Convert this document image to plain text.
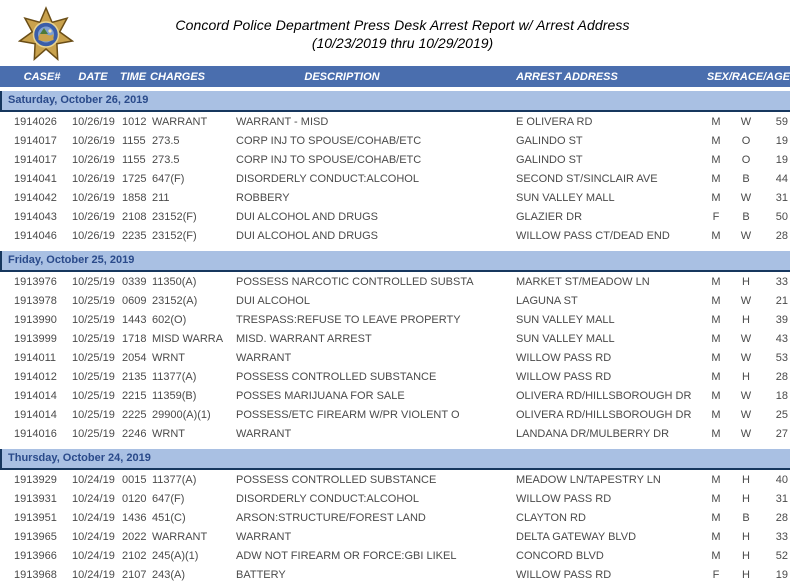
Concord Police Department Press Desk Arrest Report w/ Arrest Address
(10/23/2019 thru 10/29/2019)
CASE#	DATE	TIME CHARGES	DESCRIPTION	ARREST ADDRESS	SEX/RACE/AGE
Saturday, October 26, 2019
1914026	10/26/19 1012 WARRANT	WARRANT - MISD	E OLIVERA RD	M	W	59
1914017	10/26/19 1155 273.5	CORP INJ TO SPOUSE/COHAB/ETC	GALINDO ST	M	O	19
1914017	10/26/19 1155 273.5	CORP INJ TO SPOUSE/COHAB/ETC	GALINDO ST	M	O	19
1914041	10/26/19 1725 647(F)	DISORDERLY CONDUCT:ALCOHOL	SECOND ST/SINCLAIR AVE	M	B	44
1914042	10/26/19 1858 211	ROBBERY	SUN VALLEY MALL	M	W	31
1914043	10/26/19 2108 23152(F)	DUI ALCOHOL AND DRUGS	GLAZIER DR	F	B	50
1914046	10/26/19 2235 23152(F)	DUI ALCOHOL AND DRUGS	WILLOW PASS CT/DEAD END	M	W	28
Friday, October 25, 2019
1913976	10/25/19 0339 11350(A)	POSSESS NARCOTIC CONTROLLED SUBSTA	MARKET ST/MEADOW LN	M	H	33
1913978	10/25/19 0609 23152(A)	DUI ALCOHOL	LAGUNA ST	M	W	21
1913990	10/25/19 1443 602(O)	TRESPASS:REFUSE TO LEAVE PROPERTY	SUN VALLEY MALL	M	H	39
1913999	10/25/19 1718 MISD WARRA	MISD. WARRANT ARREST	SUN VALLEY MALL	M	W	43
1914011	10/25/19 2054 WRNT	WARRANT	WILLOW PASS RD	M	W	53
1914012	10/25/19 2135 11377(A)	POSSESS CONTROLLED SUBSTANCE	WILLOW PASS RD	M	H	28
1914014	10/25/19 2215 11359(B)	POSSES MARIJUANA FOR SALE	OLIVERA RD/HILLSBOROUGH DR	M	W	18
1914014	10/25/19 2225 29900(A)(1)	POSSESS/ETC FIREARM W/PR VIOLENT O	OLIVERA RD/HILLSBOROUGH DR	M	W	25
1914016	10/25/19 2246 WRNT	WARRANT	LANDANA DR/MULBERRY DR	M	W	27
Thursday, October 24, 2019
1913929	10/24/19 0015 11377(A)	POSSESS CONTROLLED SUBSTANCE	MEADOW LN/TAPESTRY LN	M	H	40
1913931	10/24/19 0120 647(F)	DISORDERLY CONDUCT:ALCOHOL	WILLOW PASS RD	M	H	31
1913951	10/24/19 1436 451(C)	ARSON:STRUCTURE/FOREST LAND	CLAYTON RD	M	B	28
1913965	10/24/19 2022 WARRANT	WARRANT	DELTA GATEWAY BLVD	M	H	33
1913966	10/24/19 2102 245(A)(1)	ADW NOT FIREARM OR FORCE:GBI LIKEL	CONCORD BLVD	M	H	52
1913968	10/24/19 2107 243(A)	BATTERY	WILLOW PASS RD	F	H	19
